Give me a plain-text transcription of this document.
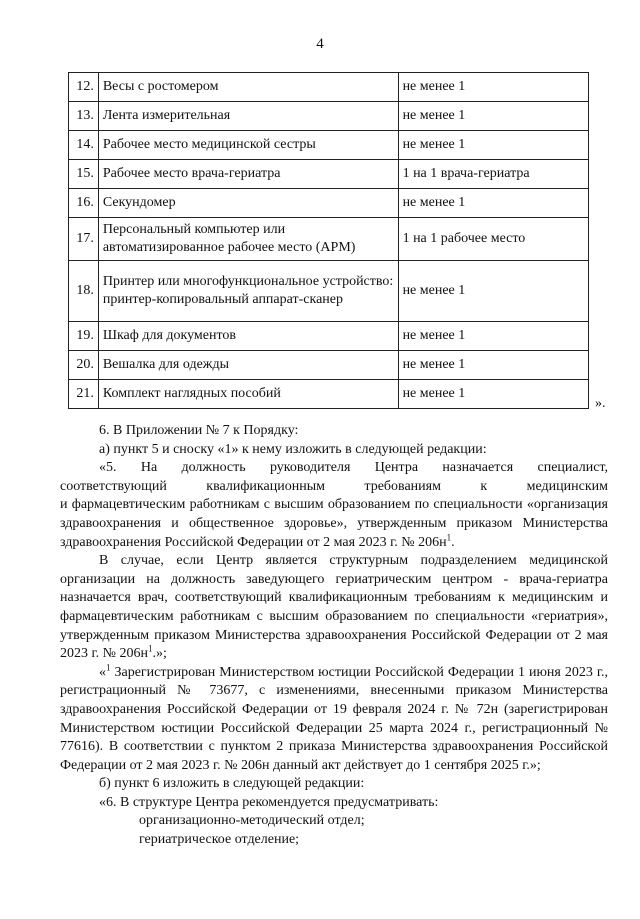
4
12.	Весы с ростомером	не менее 1
13.	Лента измерительная	не менее 1
14.	Рабочее место медицинской сестры	не менее 1
15.	Рабочее место врача-гериатра	1 на 1 врача-гериатра
16.	Секундомер	не менее 1
17.	Персональный компьютер или автоматизированное рабочее место (АРМ)	1 на 1 рабочее место
18.	Принтер или многофункциональное устройство: принтер-копировальный аппарат-сканер	не менее 1
19.	Шкаф для документов	не менее 1
20.	Вешалка для одежды	не менее 1
21.	Комплект наглядных пособий	не менее 1
».

6. В Приложении № 7 к Порядку:

а) пункт 5 и сноску «1» к нему изложить в следующей редакции:

«5. На должность руководителя Центра назначается специалист,

соответствующий квалификационным требованиям к медицинским

и фармацевтическим работникам с высшим образованием по специальности «организация здравоохранения и общественное здоровье», утвержденным приказом Министерства здравоохранения Российской Федерации от 2 мая 2023 г. № $206н^1$.

В случае, если Центр является структурным подразделением медицинской организации на должность заведующего гериатрическим центром - врача-гериатра назначается врач, соответствующий квалификационным требованиям к медицинским и фармацевтическим работникам с высшим образованием по специальности «гериатрия», утвержденным приказом Министерства здравоохранения Российской Федерации от 2 мая 2023 г. № $206н^1$.»;

«$^1$ Зарегистрирован Министерством юстиции Российской Федерации 1 июня 2023 г., регистрационный № 73677, с изменениями, внесенными приказом Министерства здравоохранения Российской Федерации от 19 февраля 2024 г. № 72н (зарегистрирован Министерством юстиции Российской Федерации 25 марта 2024 г., регистрационный № 77616). В соответствии с пунктом 2 приказа Министерства здравоохранения Российской Федерации от 2 мая 2023 г. № 206н данный акт действует до 1 сентября 2025 г.»;

б) пункт 6 изложить в следующей редакции:

«6. В структуре Центра рекомендуется предусматривать:

организационно-методический отдел;

гериатрическое отделение;
